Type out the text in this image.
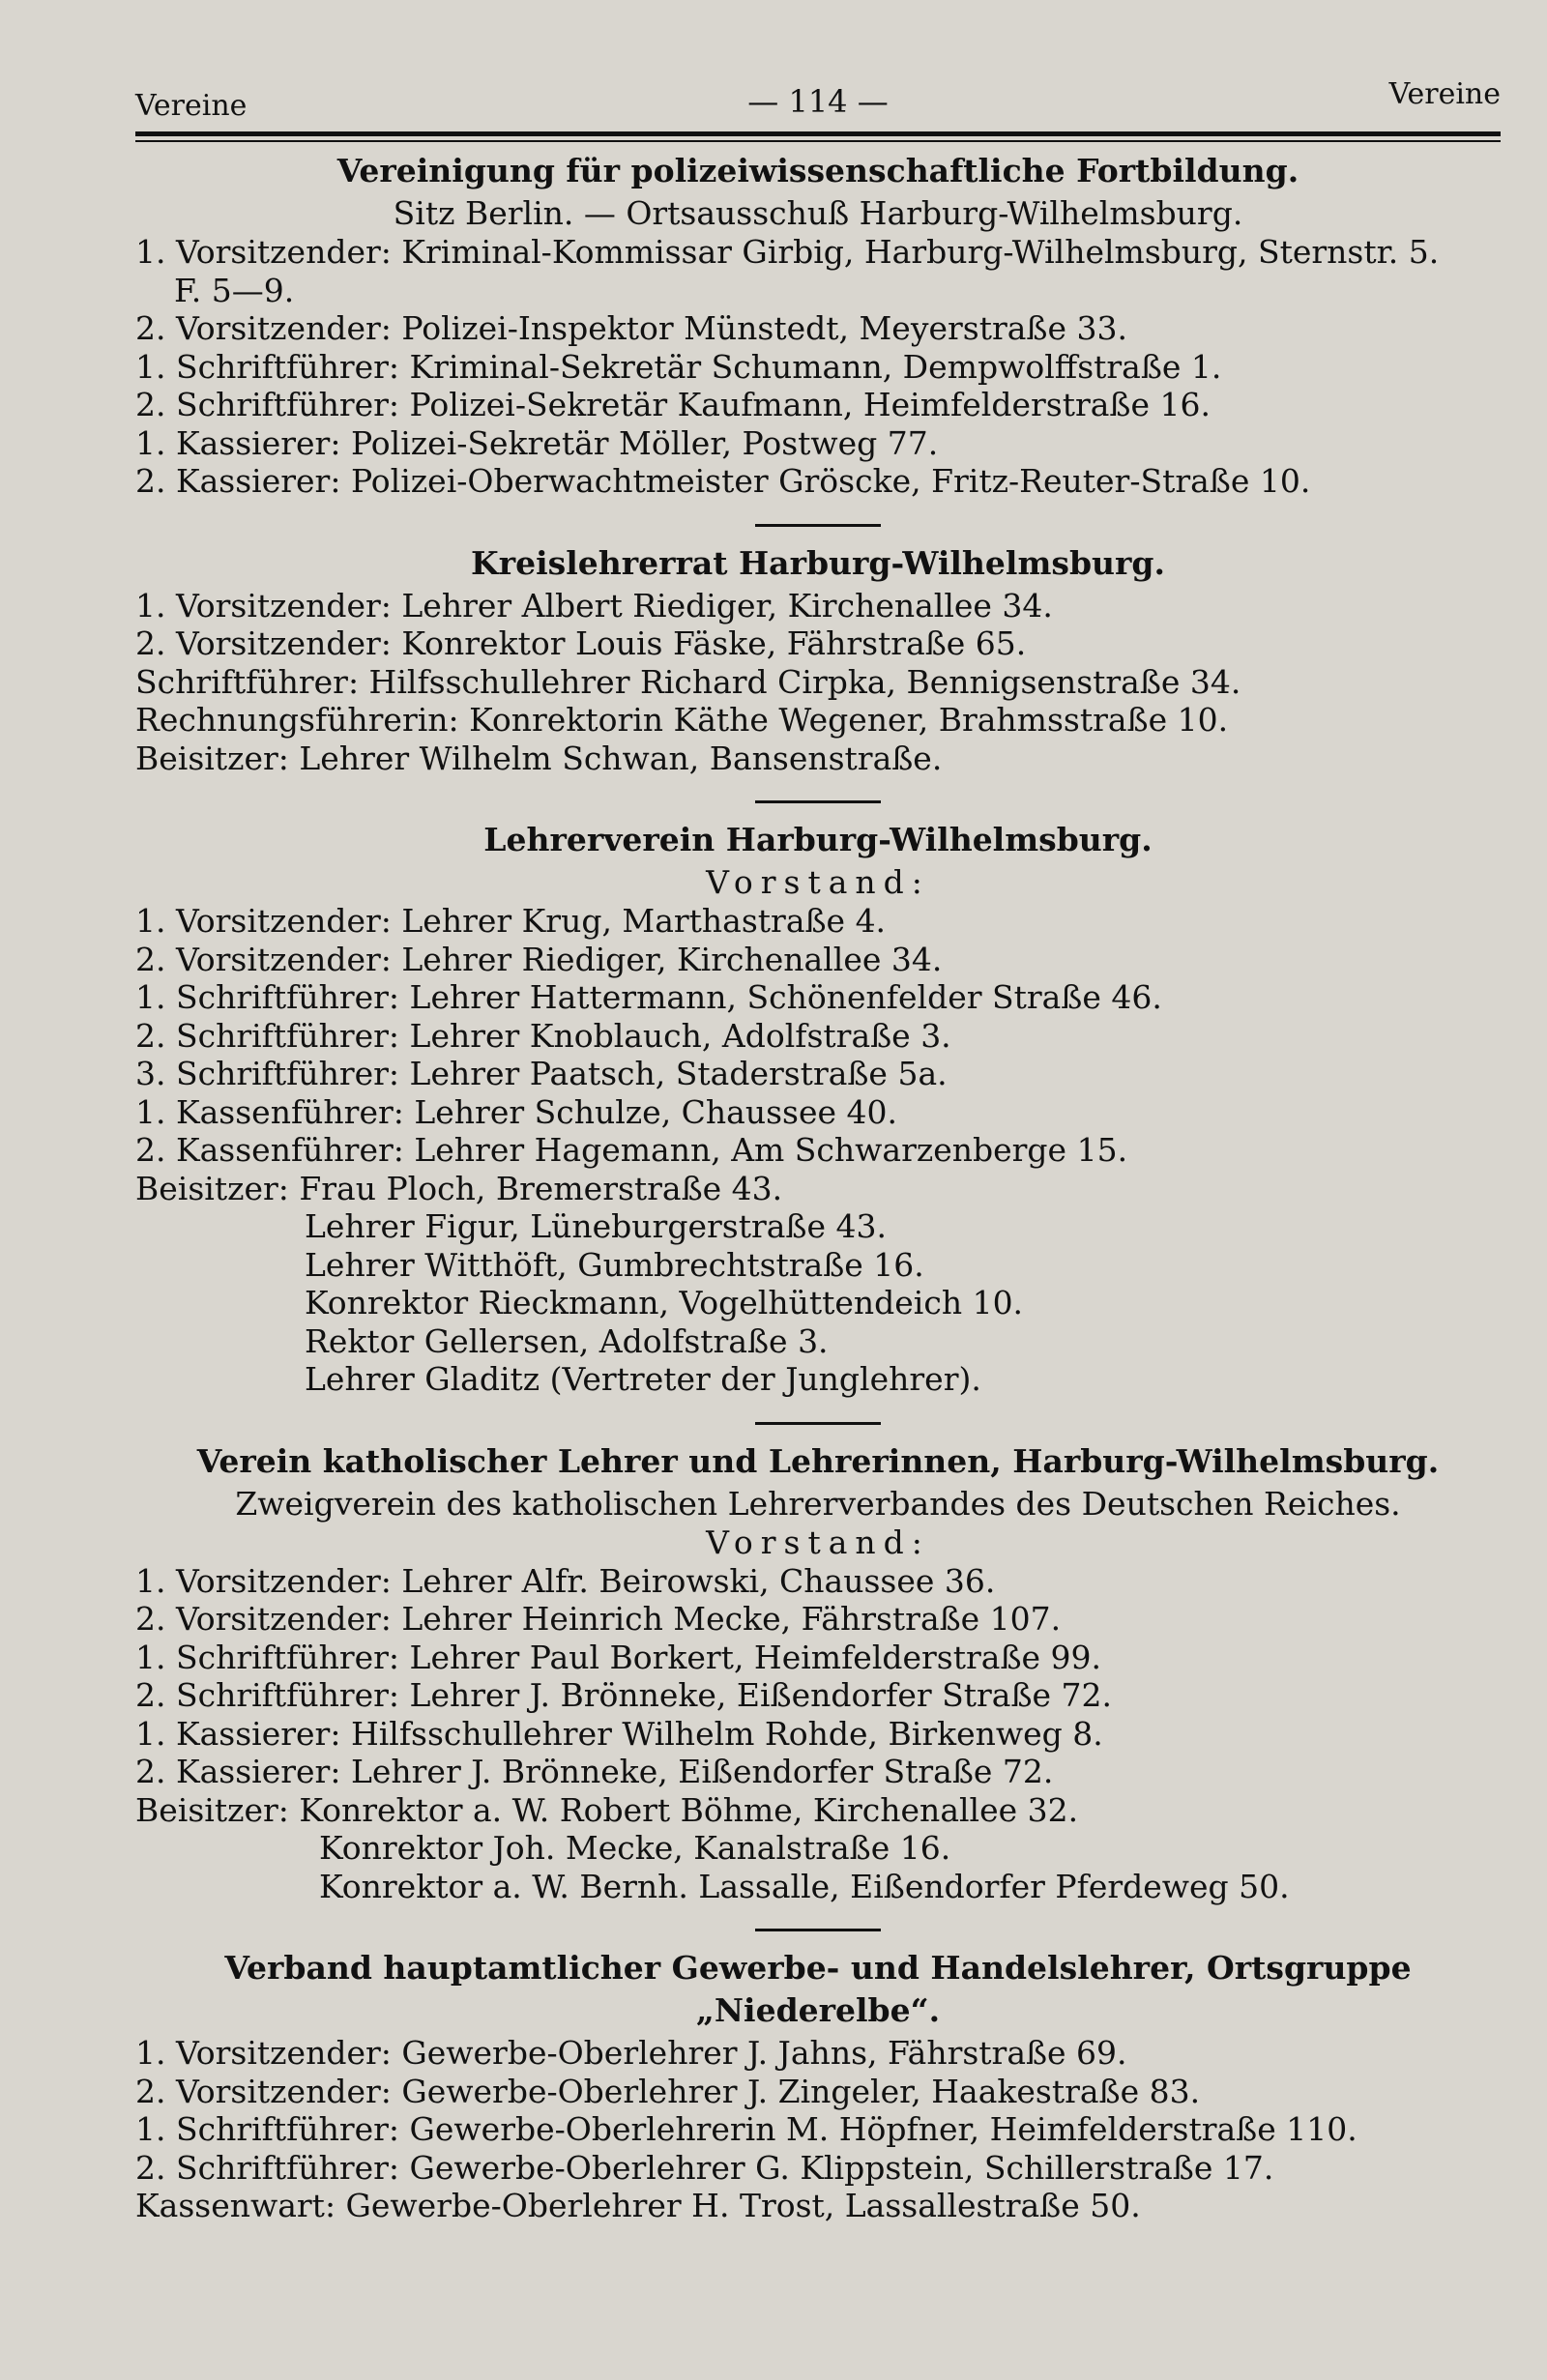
Vereine	— 114 —	Vereine
Vereinigung für polizeiwissenschaftliche Fortbildung.
Sitz Berlin. — Ortsausschuß Harburg-Wilhelmsburg.
1. Vorsitzender: Kriminal-Kommissar Girbig, Harburg-Wilhelmsburg, Sternstr. 5.
F. 5—9.
2. Vorsitzender: Polizei-Inspektor Münstedt, Meyerstraße 33.
1. Schriftführer: Kriminal-Sekretär Schumann, Dempwolffstraße 1.
2. Schriftführer: Polizei-Sekretär Kaufmann, Heimfelderstraße 16.
1. Kassierer: Polizei-Sekretär Möller, Postweg 77.
2. Kassierer: Polizei-Oberwachtmeister Gröscke, Fritz-Reuter-Straße 10.
Kreislehrerrat Harburg-Wilhelmsburg.
1. Vorsitzender: Lehrer Albert Riediger, Kirchenallee 34.
2. Vorsitzender: Konrektor Louis Fäske, Fährstraße 65.
Schriftführer: Hilfsschullehrer Richard Cirpka, Bennigsenstraße 34.
Rechnungsführerin: Konrektorin Käthe Wegener, Brahmsstraße 10.
Beisitzer: Lehrer Wilhelm Schwan, Bansenstraße.
Lehrerverein Harburg-Wilhelmsburg.
Vorstand:
1. Vorsitzender: Lehrer Krug, Marthastraße 4.
2. Vorsitzender: Lehrer Riediger, Kirchenallee 34.
1. Schriftführer: Lehrer Hattermann, Schönenfelder Straße 46.
2. Schriftführer: Lehrer Knoblauch, Adolfstraße 3.
3. Schriftführer: Lehrer Paatsch, Staderstraße 5a.
1. Kassenführer: Lehrer Schulze, Chaussee 40.
2. Kassenführer: Lehrer Hagemann, Am Schwarzenberge 15.
Beisitzer: Frau Ploch, Bremerstraße 43.
Lehrer Figur, Lüneburgerstraße 43.
Lehrer Witthöft, Gumbrechtstraße 16.
Konrektor Rieckmann, Vogelhüttendeich 10.
Rektor Gellersen, Adolfstraße 3.
Lehrer Gladitz (Vertreter der Junglehrer).
Verein katholischer Lehrer und Lehrerinnen, Harburg-Wilhelmsburg.
Zweigverein des katholischen Lehrerverbandes des Deutschen Reiches.
Vorstand:
1. Vorsitzender: Lehrer Alfr. Beirowski, Chaussee 36.
2. Vorsitzender: Lehrer Heinrich Mecke, Fährstraße 107.
1. Schriftführer: Lehrer Paul Borkert, Heimfelderstraße 99.
2. Schriftführer: Lehrer J. Brönneke, Eißendorfer Straße 72.
1. Kassierer: Hilfsschullehrer Wilhelm Rohde, Birkenweg 8.
2. Kassierer: Lehrer J. Brönneke, Eißendorfer Straße 72.
Beisitzer: Konrektor a. W. Robert Böhme, Kirchenallee 32.
Konrektor Joh. Mecke, Kanalstraße 16.
Konrektor a. W. Bernh. Lassalle, Eißendorfer Pferdeweg 50.
Verband hauptamtlicher Gewerbe- und Handelslehrer, Ortsgruppe „Niederelbe“.
1. Vorsitzender: Gewerbe-Oberlehrer J. Jahns, Fährstraße 69.
2. Vorsitzender: Gewerbe-Oberlehrer J. Zingeler, Haakestraße 83.
1. Schriftführer: Gewerbe-Oberlehrerin M. Höpfner, Heimfelderstraße 110.
2. Schriftführer: Gewerbe-Oberlehrer G. Klippstein, Schillerstraße 17.
Kassenwart: Gewerbe-Oberlehrer H. Trost, Lassallestraße 50.
